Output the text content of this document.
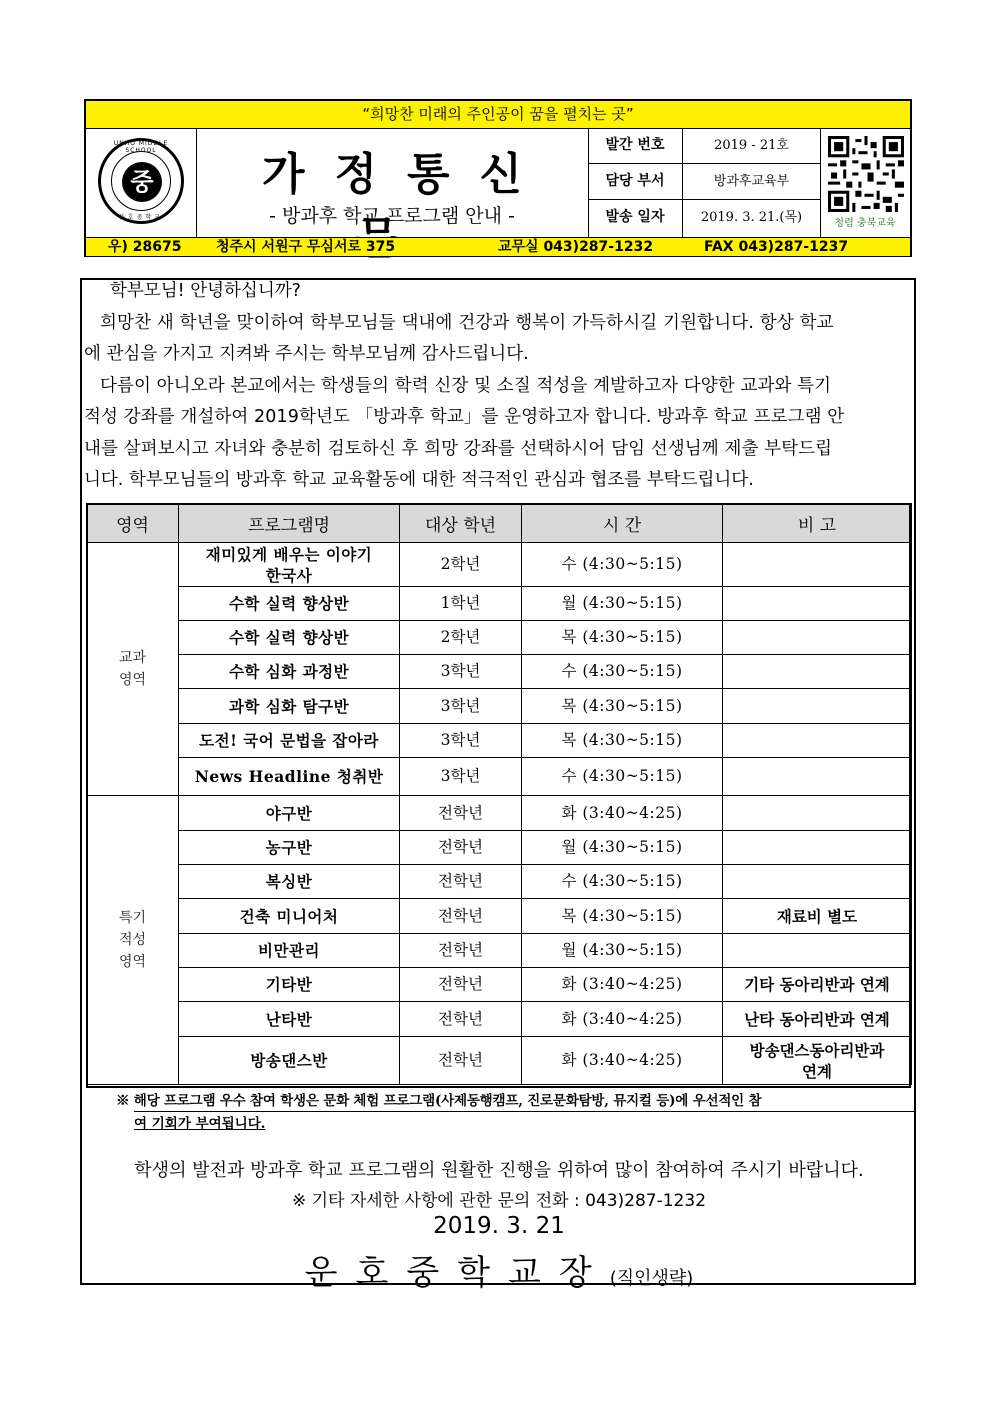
“희망찬 미래의 주인공이 꿈을 펼치는 곳”
UNHO MIDDLE SCHOOL
중
운호중학교
가정통신
- 방과후 학교 프로그램 안내 -
발간 번호	2019 - 21호
담당 부서	방과후교육부
발송 일자	2019. 3. 21.(목)	청렴 충북교육
우) 28675 청주시 서원구 무심서로 375	교무실 043)287-1232	FAX 043)287-1237

학부모님! 안녕하십니까?

희망찬 새 학년을 맞이하여 학부모님들 댁내에 건강과 행복이 가득하시길 기원합니다. 항상 학교

에 관심을 가지고 지켜봐 주시는 학부모님께 감사드립니다.

다름이 아니오라 본교에서는 학생들의 학력 신장 및 소질 적성을 계발하고자 다양한 교과와 특기

적성 강좌를 개설하여 2019학년도 「방과후 학교」를 운영하고자 합니다. 방과후 학교 프로그램 안

내를 살펴보시고 자녀와 충분히 검토하신 후 희망 강좌를 선택하시어 담임 선생님께 제출 부탁드립

니다. 학부모님들의 방과후 학교 교육활동에 대한 적극적인 관심과 협조를 부탁드립니다.

영역	프로그램명	대상 학년	시 간	비 고
교과
영역	재미있게 배우는 이야기
한국사	2학년	수 (4:30~5:15)	
	수학 실력 향상반	1학년	월 (4:30~5:15)	
	수학 실력 향상반	2학년	목 (4:30~5:15)	
	수학 심화 과정반	3학년	수 (4:30~5:15)	
	과학 심화 탐구반	3학년	목 (4:30~5:15)	
	도전! 국어 문법을 잡아라	3학년	목 (4:30~5:15)	
	News Headline 청취반	3학년	수 (4:30~5:15)	
특기
적성
영역	야구반	전학년	화 (3:40~4:25)	
	농구반	전학년	월 (4:30~5:15)	
	복싱반	전학년	수 (4:30~5:15)	
	건축 미니어처	전학년	목 (4:30~5:15)	재료비 별도
	비만관리	전학년	월 (4:30~5:15)	
	기타반	전학년	화 (3:40~4:25)	기타 동아리반과 연계
	난타반	전학년	화 (3:40~4:25)	난타 동아리반과 연계
	방송댄스반	전학년	화 (3:40~4:25)	방송댄스동아리반과
연계
※ 해당 프로그램 우수 참여 학생은 문화 체험 프로그램(사제동행캠프, 진로문화탐방, 뮤지컬 등)에 우선적인 참
여 기회가 부여됩니다.
학생의 발전과 방과후 학교 프로그램의 원활한 진행을 위하여 많이 참여하여 주시기 바랍니다.
※ 기타 자세한 사항에 관한 문의 전화 : 043)287-1232
2019. 3. 21
운호중학교장(직인생략)
